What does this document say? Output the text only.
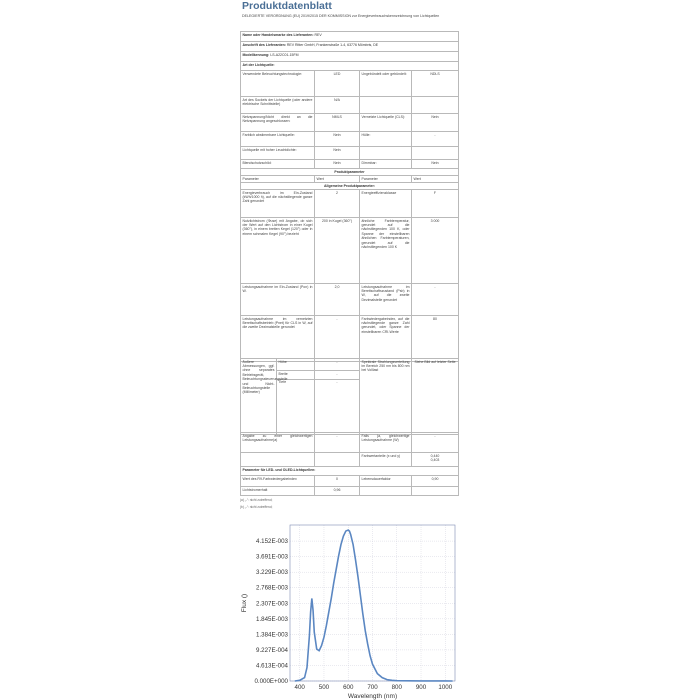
Produktdatenblatt
DELEGIERTE VERORDNUNG (EU) 2019/2015 DER KOMMISSION zur Energieverbrauchskennzeichnung von Lichtquellen
Name oder Handelsmarke des Lieferanten: REV
Anschrift des Lieferanten: REV Ritter GmbH, Frankenstraße 1-4, 63776 Mömbris, DE
Modellkennung: LS-A22C01-15FM
Art der Lichtquelle:
Verwendete Beleuchtungstechnologie:	LED	Ungebündelt oder gebündelt:	NDLS
Art des Sockels der Lichtquelle (oder andere elektrische Schnittstelle)	N/A		
Netzspannung/Nicht direkt an die Netzspannung angeschlossen:	NMLS	Vernetzte Lichtquelle (CLS):	Nein
Farblich abstimmbare Lichtquelle:	Nein	Hülle:	-
Lichtquelle mit hoher Leuchtdichte:	Nein		
Blendschutzschild:	Nein	Dimmbar:	Nein
Produktparameter			
Parameter	Wert	Parameter	Wert
Allgemeine Produktparameter:			
Energieverbrauch im Ein-Zustand (kWh/1000 h), auf die nächstliegende ganze Zahl gerundet	2	Energieeffizienzklasse	F
Nutzlichtstrom (Φuse) mit Angabe, ob sich der Wert auf den Lichtstrom in einer Kugel (360°), in einem breiten Kegel (120°) oder in einem schmalen Kegel (90°) bezieht	200 in Kugel (360°)	ähnliche Farbtemperatur, gerundet auf die nächstliegenden 100 K, oder Spanne der einstellbaren ähnlichen Farbtemperaturen, gerundet auf die nächstliegenden 100 K	3 000
Leistungsaufnahme im Ein-Zustand (Pon) in W.	2,0	Leistungsaufnahme im Bereitschaftszustand (Psb) in W, auf die zweite Dezimalstelle gerundet	-
Leistungsaufnahme im vernetzten Bereitschaftsbetrieb (Pnet) für CLS in W, auf die zweite Dezimalstelle gerundet	-	Farbwiedergabeindex, auf die nächstliegende ganze Zahl gerundet, oder Spanne der einstellbaren CRI-Werte	80
Äußere Abmessungen, ggf. ohne separates Betriebsgerät, Beleuchtungssteuerungsteile und Nicht-Beleuchtungsteile (Millimeter)	Höhe	-	Spektrale Strahlungsverteilung im Bereich 250 nm bis 800 nm bei Volllast	Siehe Bild auf letzter Seite
	Breite	-		
	Tiefe	-		
Angabe zu einer gleichwertigen Leistungsaufnahme(a)	-	Falls (a, gleichwertige Leistungsaufnahme (W)	-
		Farbwertanteile (x und y)	0,440
0,403

Parameter für LED- und OLED-Lichtquellen:			
Wert des R9-Farbwiedergabeindex	0	Lebensdauerfaktor	0,90
Lichtstromerhalt	0,96		
(a) „-“: nicht zutreffend;
(b) „-“: nicht zutreffend;
0.000E+000
4.613E-004
9.227E-004
1.384E-003
1.845E-003
2.307E-003
2.768E-003
3.229E-003
3.691E-003
4.152E-003
400 500 600 700 800 900 1000
Flux ()
Wavelength (nm)
